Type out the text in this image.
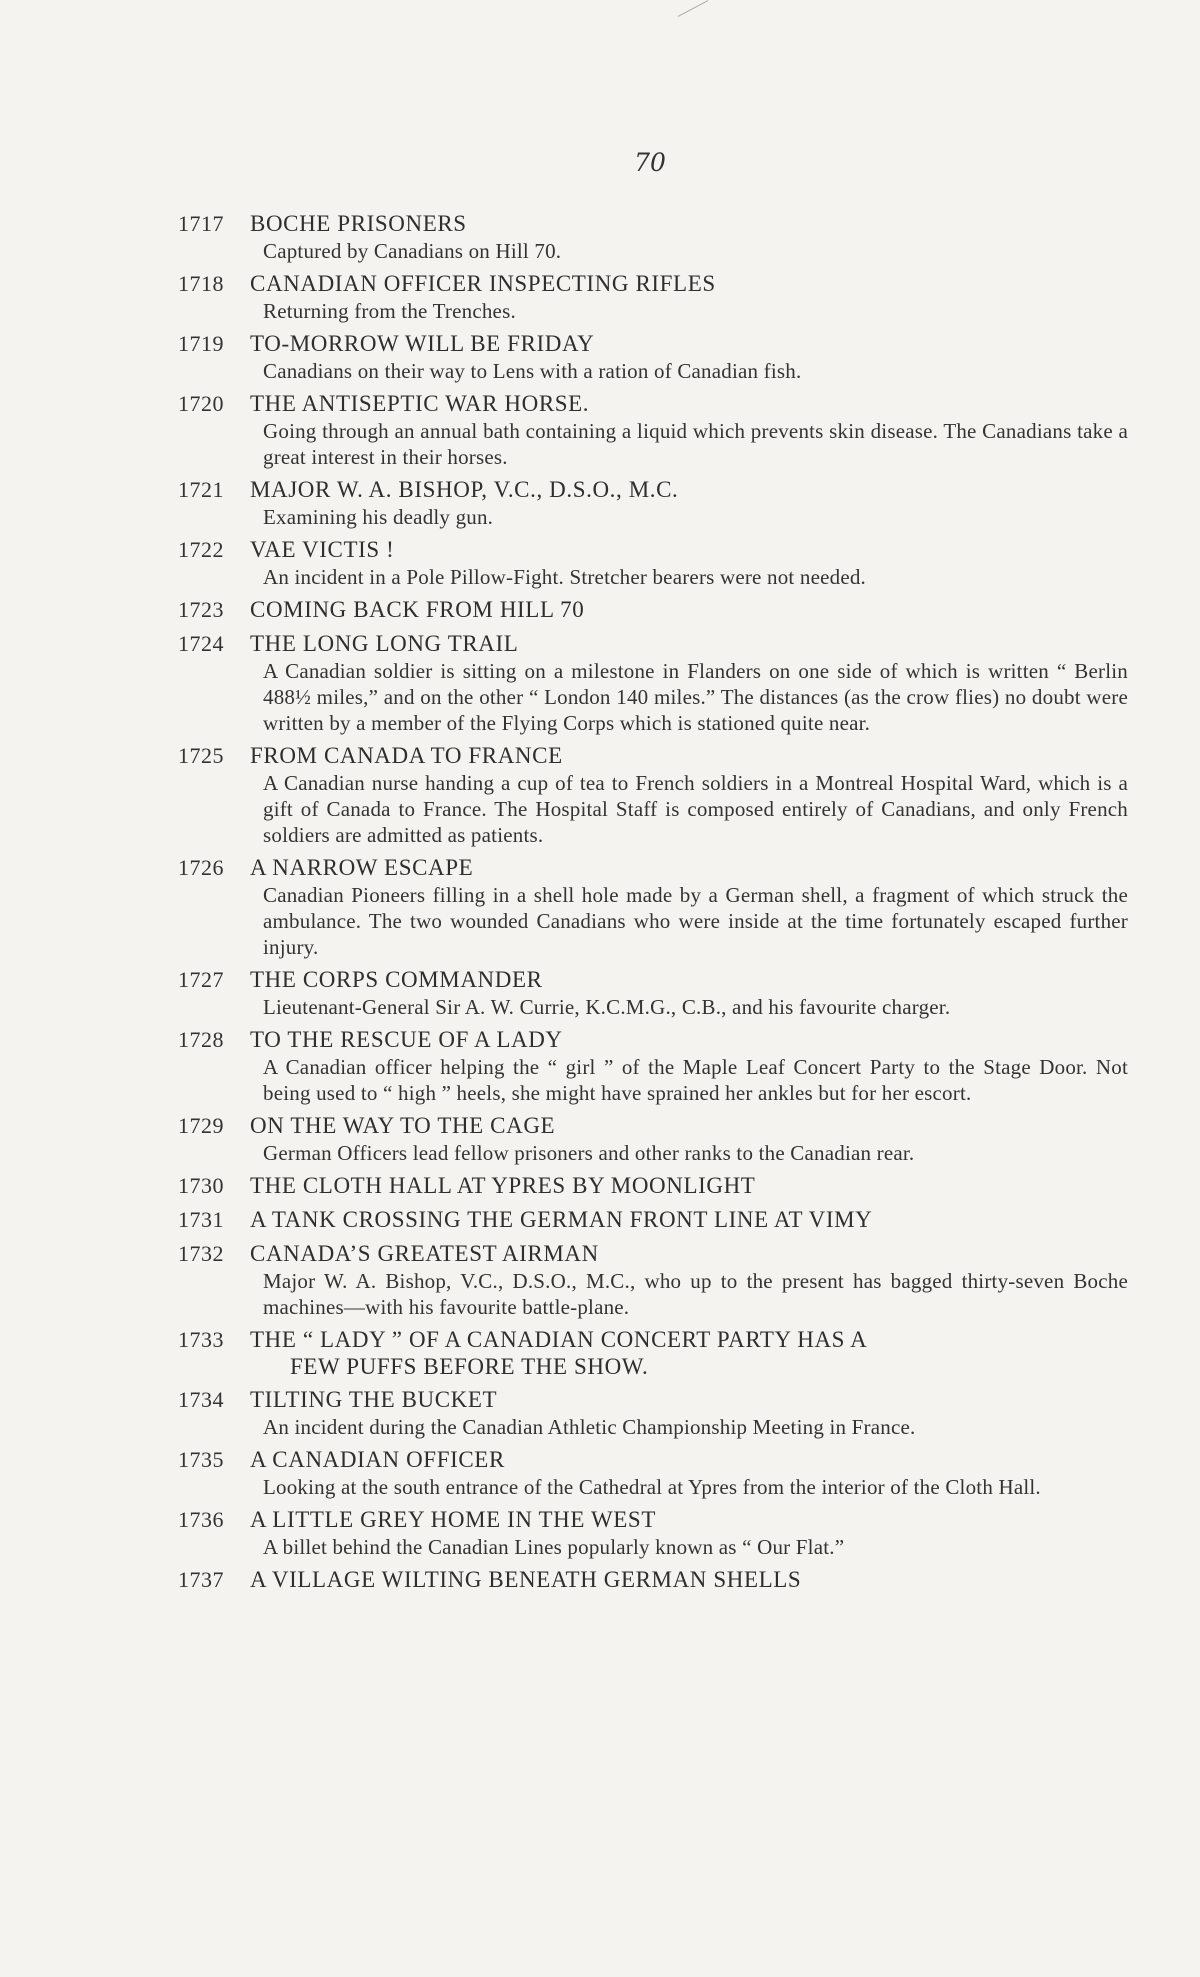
70
1717	BOCHE PRISONERS
Captured by Canadians on Hill 70.
1718	CANADIAN OFFICER INSPECTING RIFLES
Returning from the Trenches.
1719	TO-MORROW WILL BE FRIDAY
Canadians on their way to Lens with a ration of Canadian fish.
1720	THE ANTISEPTIC WAR HORSE.
Going through an annual bath containing a liquid which prevents skin disease. The Canadians take a great interest in their horses.
1721	MAJOR W. A. BISHOP, V.C., D.S.O., M.C.
Examining his deadly gun.
1722	VAE VICTIS !
An incident in a Pole Pillow-Fight. Stretcher bearers were not needed.
1723	COMING BACK FROM HILL 70
1724	THE LONG LONG TRAIL
A Canadian soldier is sitting on a milestone in Flanders on one side of which is written “ Berlin 488½ miles,” and on the other “ London 140 miles.” The distances (as the crow flies) no doubt were written by a member of the Flying Corps which is stationed quite near.
1725	FROM CANADA TO FRANCE
A Canadian nurse handing a cup of tea to French soldiers in a Montreal Hospital Ward, which is a gift of Canada to France. The Hospital Staff is composed entirely of Canadians, and only French soldiers are admitted as patients.
1726	A NARROW ESCAPE
Canadian Pioneers filling in a shell hole made by a German shell, a fragment of which struck the ambulance. The two wounded Canadians who were inside at the time fortunately escaped further injury.
1727	THE CORPS COMMANDER
Lieutenant-General Sir A. W. Currie, K.C.M.G., C.B., and his favourite charger.
1728	TO THE RESCUE OF A LADY
A Canadian officer helping the “ girl ” of the Maple Leaf Concert Party to the Stage Door. Not being used to “ high ” heels, she might have sprained her ankles but for her escort.
1729	ON THE WAY TO THE CAGE
German Officers lead fellow prisoners and other ranks to the Canadian rear.
1730	THE CLOTH HALL AT YPRES BY MOONLIGHT
1731	A TANK CROSSING THE GERMAN FRONT LINE AT VIMY
1732	CANADA’S GREATEST AIRMAN
Major W. A. Bishop, V.C., D.S.O., M.C., who up to the present has bagged thirty-seven Boche machines—with his favourite battle-plane.
1733	THE “ LADY ” OF A CANADIAN CONCERT PARTY HAS A
FEW PUFFS BEFORE THE SHOW.
1734	TILTING THE BUCKET
An incident during the Canadian Athletic Championship Meeting in France.
1735	A CANADIAN OFFICER
Looking at the south entrance of the Cathedral at Ypres from the interior of the Cloth Hall.
1736	A LITTLE GREY HOME IN THE WEST
A billet behind the Canadian Lines popularly known as “ Our Flat.”
1737	A VILLAGE WILTING BENEATH GERMAN SHELLS
